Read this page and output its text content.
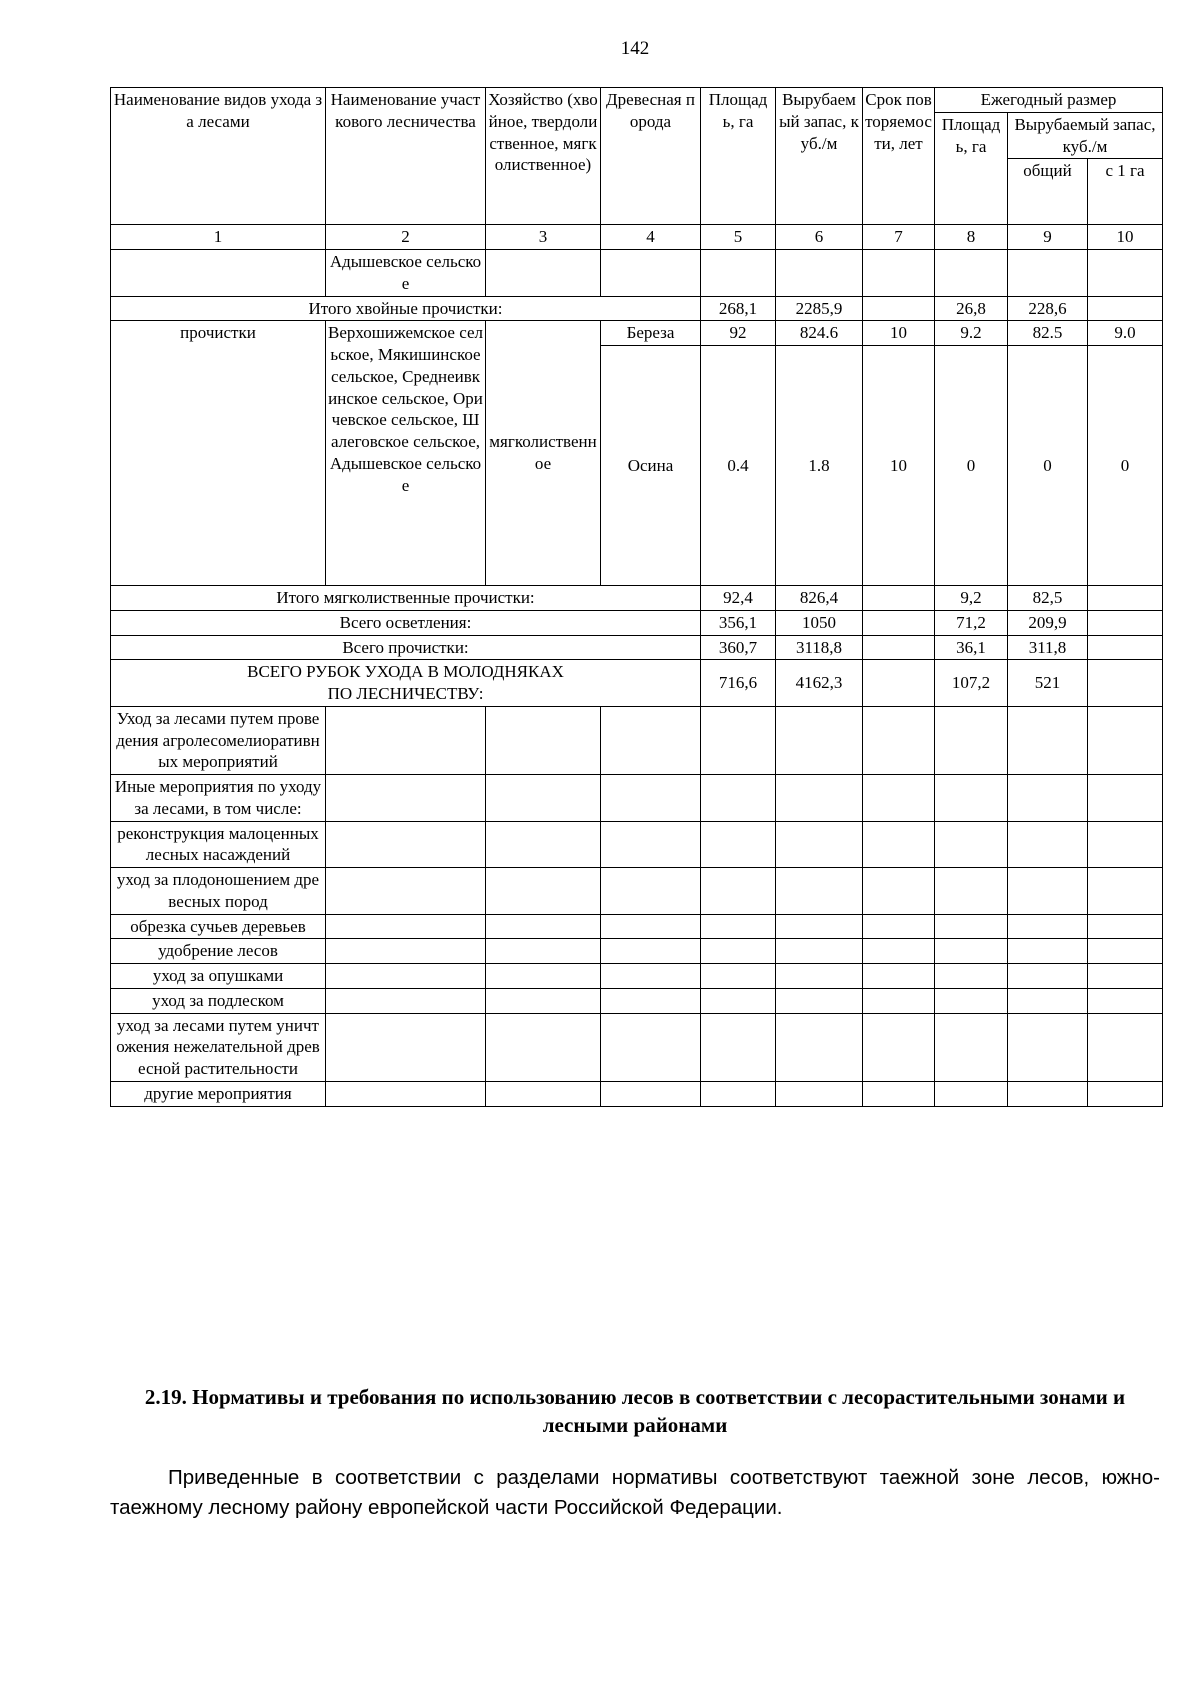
142
Наименование видов ухода за лесами	Наименование участкового лесничества	Хозяйство (хвойное, твердолиственное, мягколиственное)	Древесная порода	Площадь, га	Вырубаемый запас, куб./м	Срок повторяемости, лет	Ежегодный размер		
							Площадь, га	Вырубаемый запас, куб./м	
								общий	с 1 га
1	2	3	4	5	6	7	8	9	10
	Адышевское сельское								
Итого хвойные прочистки:				268,1	2285,9		26,8	228,6	
прочистки	Верхошижемское сельское, Мякишинское сельское, Среднеивкинское сельское, Оричевское сельское, Шалеговское сельское, Адышевское сельское	мягколиственное	Береза	92	824.6	10	9.2	82.5	9.0
			Осина	0.4	1.8	10	0	0	0
Итого мягколиственные прочистки:				92,4	826,4		9,2	82,5	
Всего осветления:				356,1	1050		71,2	209,9	
Всего прочистки:				360,7	3118,8		36,1	311,8	
ВСЕГО РУБОК УХОДА В МОЛОДНЯКАХ
ПО ЛЕСНИЧЕСТВУ:				716,6	4162,3		107,2	521	
Уход за лесами путем проведения агролесомелиоративных мероприятий									
Иные мероприятия по уходу за лесами, в том числе:									
реконструкция малоценных лесных насаждений									
уход за плодоношением древесных пород									
обрезка сучьев деревьев									
удобрение лесов									
уход за опушками									
уход за подлеском									
уход за лесами путем уничтожения нежелательной древесной растительности									
другие мероприятия									
2.19. Нормативы и требования по использованию лесов в соответствии с лесорастительными зонами и лесными районами
Приведенные в соответствии с разделами нормативы соответствуют таежной зоне лесов, южно-таежному лесному району европейской части Российской Федерации.
